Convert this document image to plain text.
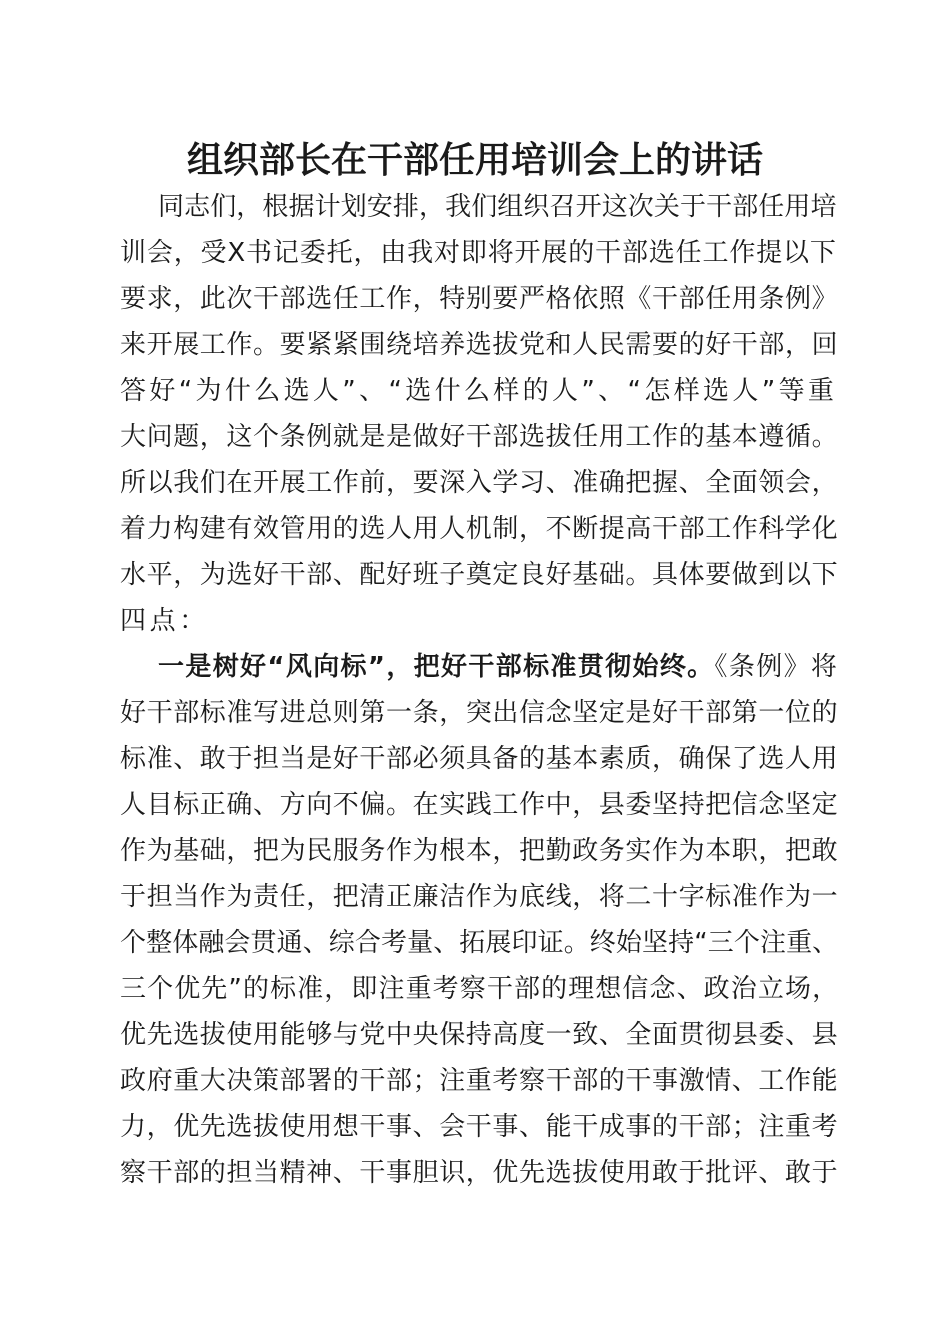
组织部长在干部任用培训会上的讲话
同志们，根据计划安排，我们组织召开这次关于干部任用培
训会，受X书记委托，由我对即将开展的干部选任工作提以下
要求，此次干部选任工作，特别要严格依照《干部任用条例》
来开展工作。要紧紧围绕培养选拔党和人民需要的好干部，回
答好“为什么选人”、“选什么样的人”、“怎样选人”等重
大问题，这个条例就是是做好干部选拔任用工作的基本遵循。
所以我们在开展工作前，要深入学习、准确把握、全面领会，
着力构建有效管用的选人用人机制，不断提高干部工作科学化
水平，为选好干部、配好班子奠定良好基础。具体要做到以下
四点：
一是树好“风向标”，把好干部标准贯彻始终。《条例》将
好干部标准写进总则第一条，突出信念坚定是好干部第一位的
标准、敢于担当是好干部必须具备的基本素质，确保了选人用
人目标正确、方向不偏。在实践工作中，县委坚持把信念坚定
作为基础，把为民服务作为根本，把勤政务实作为本职，把敢
于担当作为责任，把清正廉洁作为底线，将二十字标准作为一
个整体融会贯通、综合考量、拓展印证。终始坚持“三个注重、
三个优先”的标准，即注重考察干部的理想信念、政治立场，
优先选拔使用能够与党中央保持高度一致、全面贯彻县委、县
政府重大决策部署的干部；注重考察干部的干事激情、工作能
力，优先选拔使用想干事、会干事、能干成事的干部；注重考
察干部的担当精神、干事胆识，优先选拔使用敢于批评、敢于
